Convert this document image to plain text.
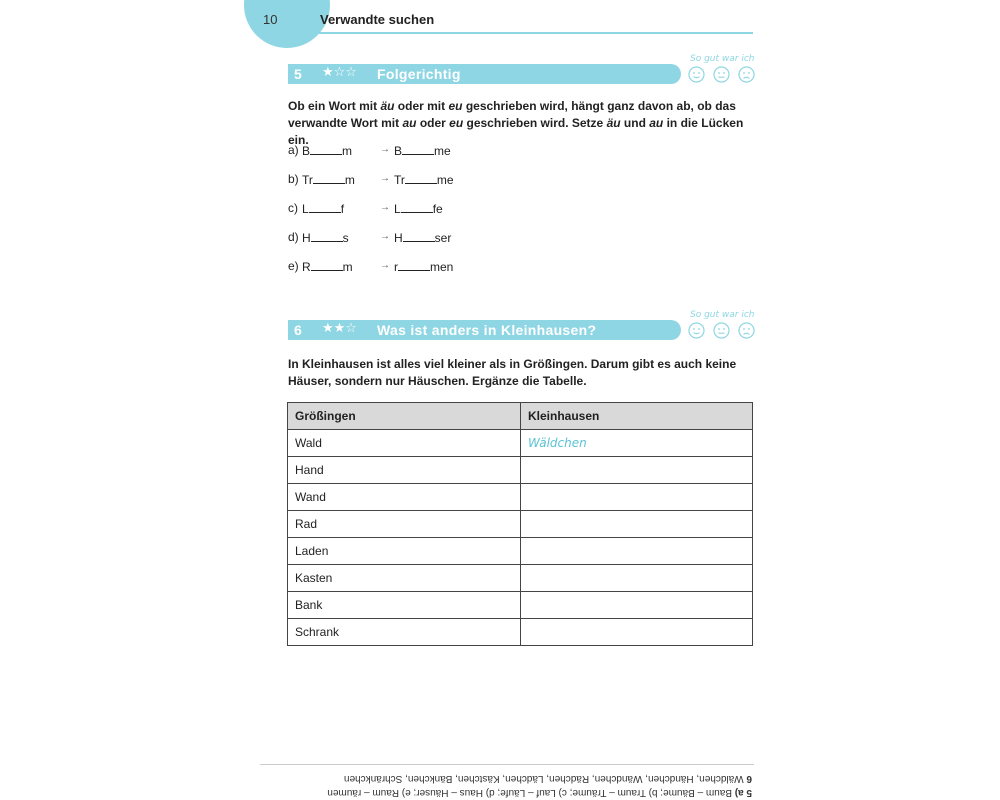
10	Verwandte suchen
So gut war ich
5 ★☆☆ Folgerichtig
Ob ein Wort mit äu oder mit eu geschrieben wird, hängt ganz davon ab, ob das verwandte Wort mit au oder eu geschrieben wird. Setze äu und au in die Lücken ein.
a) B	m	→ B	me
b) Tr	m	→ Tr	me
c) L	f	→ L	fe
d) H	s	→ H	ser
e) R	m	→ r	men
So gut war ich
6 ★★☆ Was ist anders in Kleinhausen?
In Kleinhausen ist alles viel kleiner als in Größingen. Darum gibt es auch keine Häuser, sondern nur Häuschen. Ergänze die Tabelle.
Größingen	Kleinhausen
Wald	Wäldchen
Hand	
Wand	
Rad	
Laden	
Kasten	
Bank	
Schrank	
6 Wäldchen, Händchen, Wändchen, Rädchen, Lädchen, Kästchen, Bänkchen, Schränkchen
5 a) Baum – Bäume; b) Traum – Träume; c) Lauf – Läufe; d) Haus – Häuser; e) Raum – räumen
